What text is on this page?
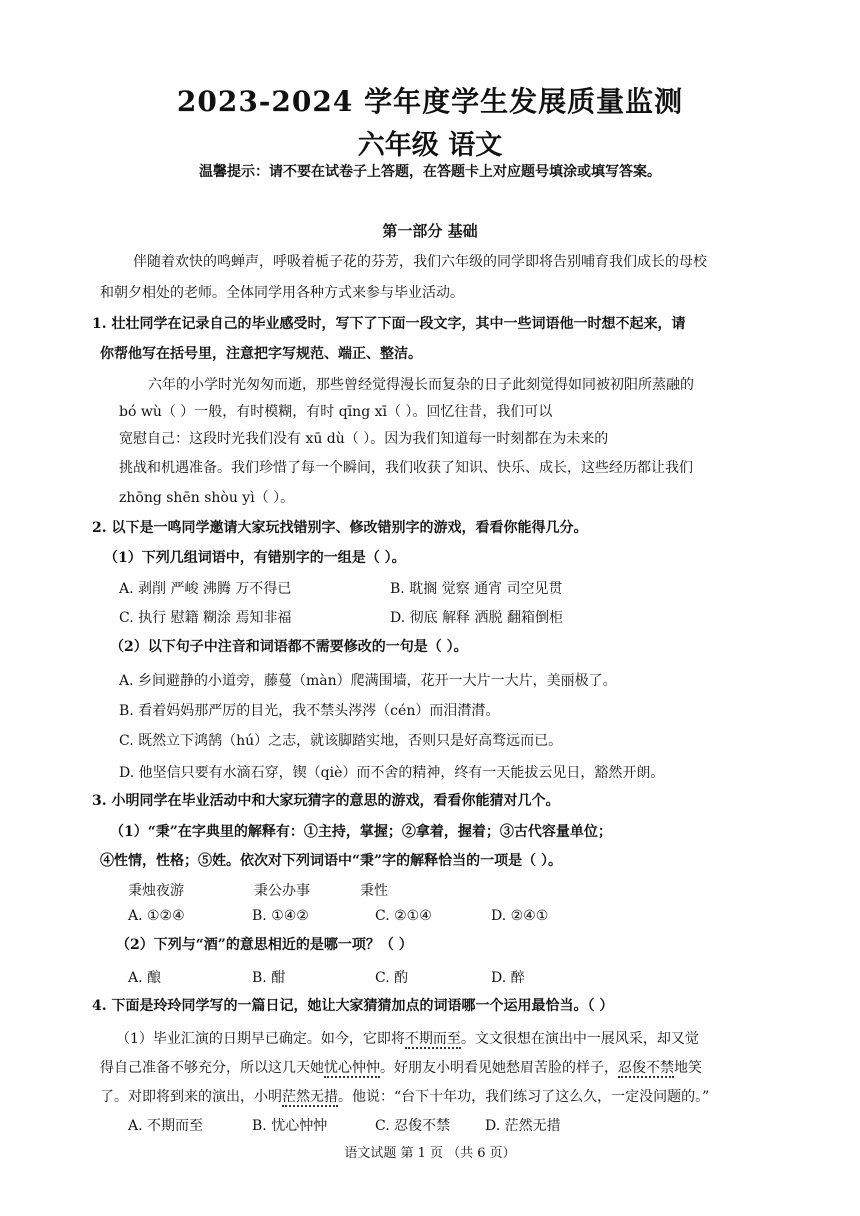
2023-2024 学年度学生发展质量监测
六年级 语文
温馨提示：请不要在试卷子上答题，在答题卡上对应题号填涂或填写答案。
第一部分 基础
伴随着欢快的鸣蝉声，呼吸着栀子花的芬芳，我们六年级的同学即将告别哺育我们成长的母校
和朝夕相处的老师。全体同学用各种方式来参与毕业活动。
1. 壮壮同学在记录自己的毕业感受时，写下了下面一段文字，其中一些词语他一时想不起来，请
你帮他写在括号里，注意把字写规范、端正、整洁。
六年的小学时光匆匆而逝，那些曾经觉得漫长而复杂的日子此刻觉得如同被初阳所蒸融的
bó wù（ ）一般，有时模糊，有时 qīng xī（ ）。回忆往昔，我们可以
宽慰自己：这段时光我们没有 xū dù（ ）。因为我们知道每一时刻都在为未来的
挑战和机遇准备。我们珍惜了每一个瞬间，我们收获了知识、快乐、成长，这些经历都让我们
zhōng shēn shòu yì（ ）。
2. 以下是一鸣同学邀请大家玩找错别字、修改错别字的游戏，看看你能得几分。
（1）下列几组词语中，有错别字的一组是（ ）。
A. 剥削 严峻 沸腾 万不得已	B. 耽搁 觉察 通宵 司空见贯
C. 执行 慰籍 糊涂 焉知非福	D. 彻底 解释 洒脱 翻箱倒柜
（2）以下句子中注音和词语都不需要修改的一句是（ ）。
A. 乡间避静的小道旁，藤蔓（màn）爬满围墙，花开一大片一大片，美丽极了。
B. 看着妈妈那严厉的目光，我不禁头涔涔（cén）而泪潸潸。
C. 既然立下鸿鹄（hú）之志，就该脚踏实地，否则只是好高骛远而已。
D. 他坚信只要有水滴石穿，锲（qiè）而不舍的精神，终有一天能拔云见日，豁然开朗。
3. 小明同学在毕业活动中和大家玩猜字的意思的游戏，看看你能猜对几个。
（1）“秉”在字典里的解释有：①主持，掌握；②拿着，握着；③古代容量单位；
④性情，性格；⑤姓。依次对下列词语中“秉”字的解释恰当的一项是（ ）。
秉烛夜游	秉公办事	秉性
A. ①②④	B. ①④②	C. ②①④	D. ②④①
（2）下列与“酒”的意思相近的是哪一项？（ ）
A. 酿	B. 酣	C. 酌	D. 醉
4. 下面是玲玲同学写的一篇日记，她让大家猜猜加点的词语哪一个运用最恰当。（ ）
（1）毕业汇演的日期早已确定。如今，它即将不期而至。文文很想在演出中一展风采，却又觉
得自己准备不够充分，所以这几天她忧心忡忡。好朋友小明看见她愁眉苦脸的样子，忍俊不禁地笑
了。对即将到来的演出，小明茫然无措。他说：“台下十年功，我们练习了这么久，一定没问题的。”
A. 不期而至	B. 忧心忡忡	C. 忍俊不禁 D. 茫然无措
语文试题 第 1 页 （共 6 页）
